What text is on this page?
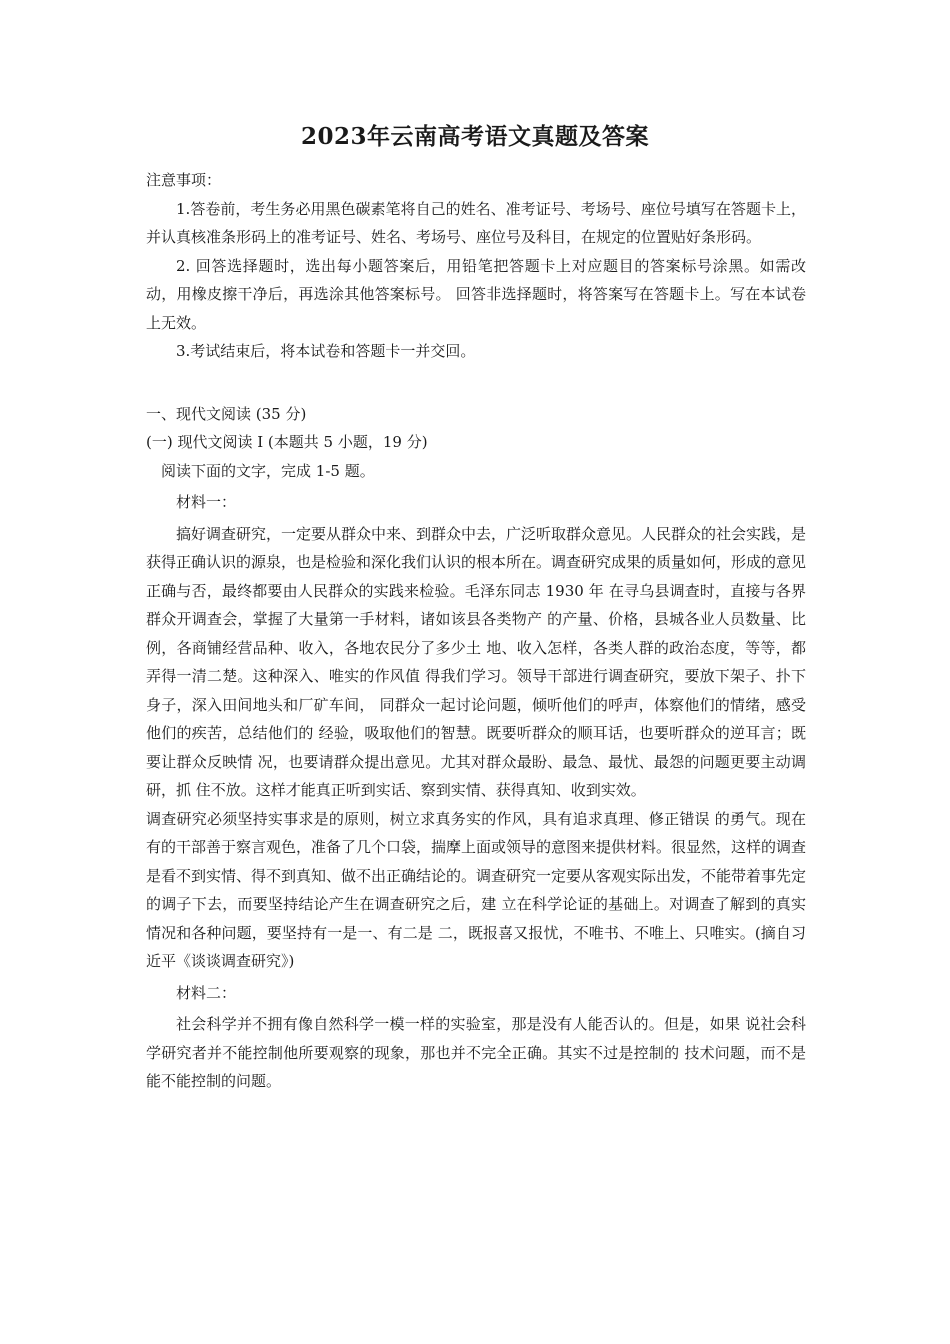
2023年云南高考语文真题及答案

注意事项：

1.答卷前，考生务必用黑色碳素笔将自己的姓名、准考证号、考场号、座位号填写在答题卡上，并认真核准条形码上的准考证号、姓名、考场号、座位号及科目，在规定的位置贴好条形码。

2. 回答选择题时，选出每小题答案后，用铅笔把答题卡上对应题目的答案标号涂黑。如需改动，用橡皮擦干净后，再选涂其他答案标号。 回答非选择题时，将答案写在答题卡上。写在本试卷上无效。

3.考试结束后，将本试卷和答题卡一并交回。

一、现代文阅读 (35 分)

(一) 现代文阅读 I (本题共 5 小题，19 分)

阅读下面的文字，完成 1-5 题。

材料一：

搞好调查研究，一定要从群众中来、到群众中去，广泛听取群众意见。人民群众的社会实践，是获得正确认识的源泉，也是检验和深化我们认识的根本所在。调查研究成果的质量如何，形成的意见正确与否，最终都要由人民群众的实践来检验。毛泽东同志 1930 年 在寻乌县调查时，直接与各界群众开调查会，掌握了大量第一手材料，诸如该县各类物产 的产量、价格，县城各业人员数量、比例，各商铺经营品种、收入，各地农民分了多少土 地、收入怎样，各类人群的政治态度，等等，都弄得一清二楚。这种深入、唯实的作风值 得我们学习。领导干部进行调查研究，要放下架子、扑下身子，深入田间地头和厂矿车间， 同群众一起讨论问题，倾听他们的呼声，体察他们的情绪，感受他们的疾苦，总结他们的 经验，吸取他们的智慧。既要听群众的顺耳话，也要听群众的逆耳言；既要让群众反映情 况，也要请群众提出意见。尤其对群众最盼、最急、最忧、最怨的问题更要主动调研，抓 住不放。这样才能真正听到实话、察到实情、获得真知、收到实效。

调查研究必须坚持实事求是的原则，树立求真务实的作风，具有追求真理、修正错误 的勇气。现在有的干部善于察言观色，准备了几个口袋，揣摩上面或领导的意图来提供材料。很显然，这样的调查是看不到实情、得不到真知、做不出正确结论的。调查研究一定要从客观实际出发，不能带着事先定的调子下去，而要坚持结论产生在调查研究之后，建 立在科学论证的基础上。对调查了解到的真实情况和各种问题，要坚持有一是一、有二是 二，既报喜又报忧，不唯书、不唯上、只唯实。(摘自习近平《谈谈调查研究》)

材料二：

社会科学并不拥有像自然科学一模一样的实验室，那是没有人能否认的。但是，如果 说社会科学研究者并不能控制他所要观察的现象，那也并不完全正确。其实不过是控制的 技术问题，而不是能不能控制的问题。
